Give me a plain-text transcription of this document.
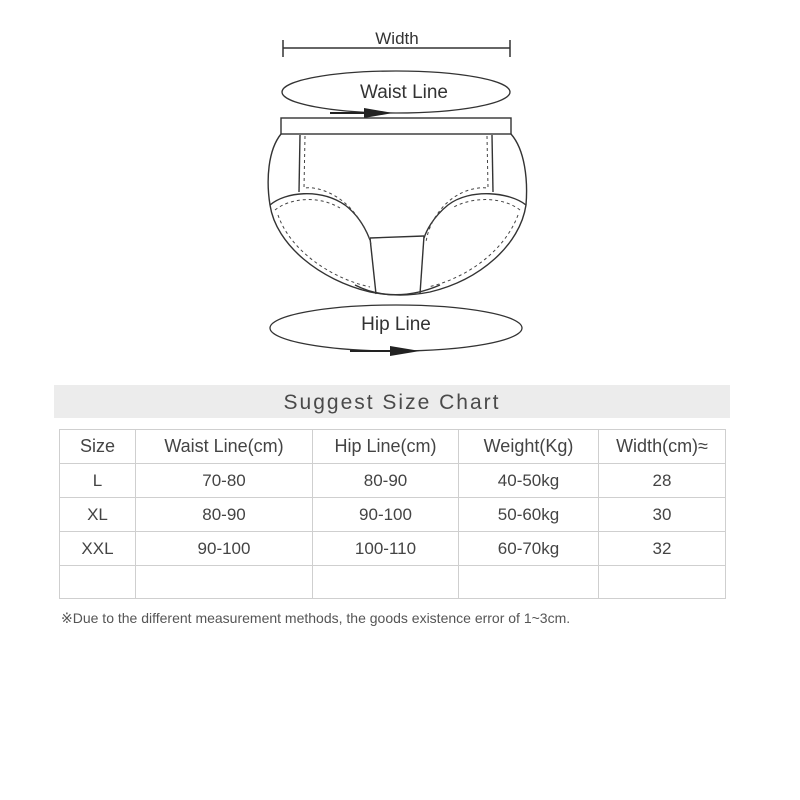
Width
Waist Line
Hip Line
Suggest Size Chart
Size	Waist Line(cm)	Hip Line(cm)	Weight(Kg)	Width(cm)≈
L	70-80	80-90	40-50kg	28
XL	80-90	90-100	50-60kg	30
XXL	90-100	100-110	60-70kg	32

※Due to the different measurement methods, the goods existence error of 1~3cm.
